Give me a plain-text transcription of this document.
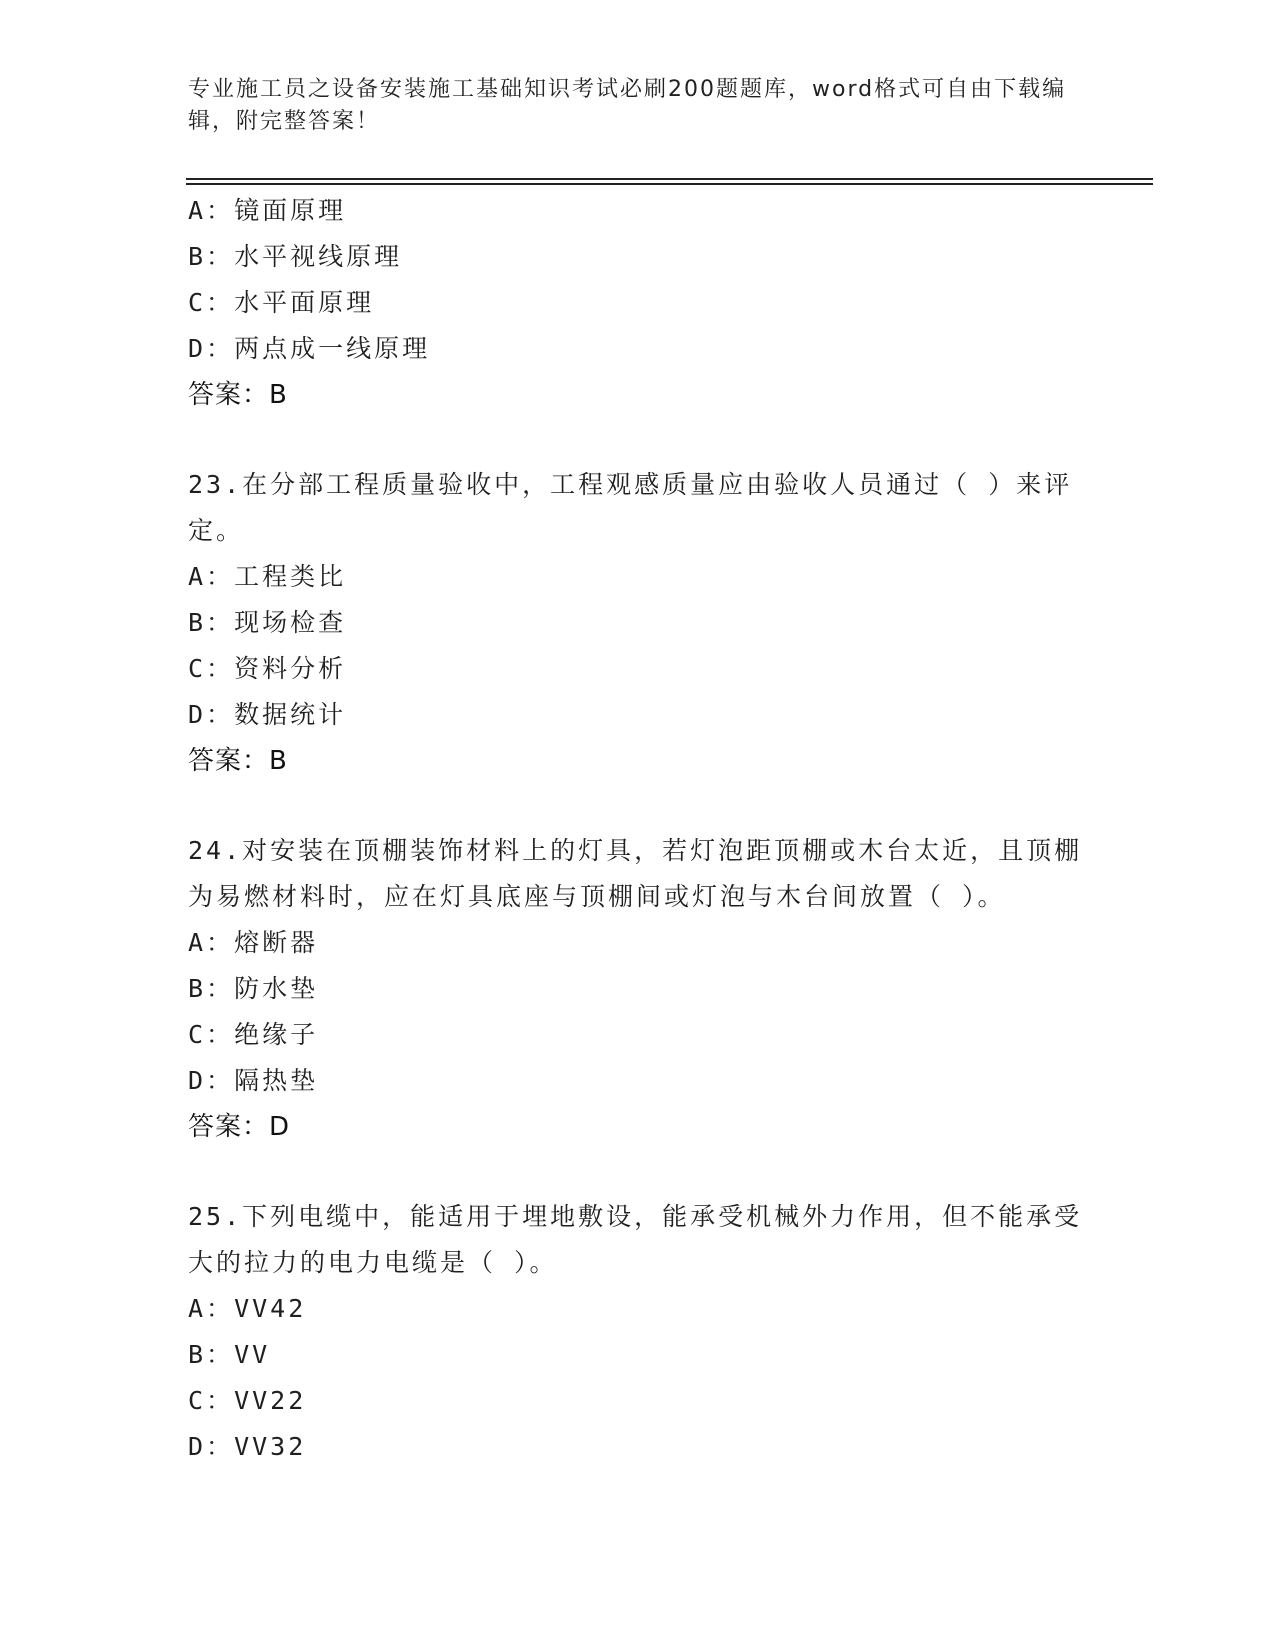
专业施工员之设备安装施工基础知识考试必刷200题题库，word格式可自由下载编辑，附完整答案！
A：镜面原理
B：水平视线原理
C：水平面原理
D：两点成一线原理
答案：B
23.在分部工程质量验收中，工程观感质量应由验收人员通过（ ）来评定。
A：工程类比
B：现场检查
C：资料分析
D：数据统计
答案：B
24.对安装在顶棚装饰材料上的灯具，若灯泡距顶棚或木台太近，且顶棚为易燃材料时，应在灯具底座与顶棚间或灯泡与木台间放置（ ）。
A：熔断器
B：防水垫
C：绝缘子
D：隔热垫
答案：D
25.下列电缆中，能适用于埋地敷设，能承受机械外力作用，但不能承受大的拉力的电力电缆是（ ）。
A：VV42
B：VV
C：VV22
D：VV32
